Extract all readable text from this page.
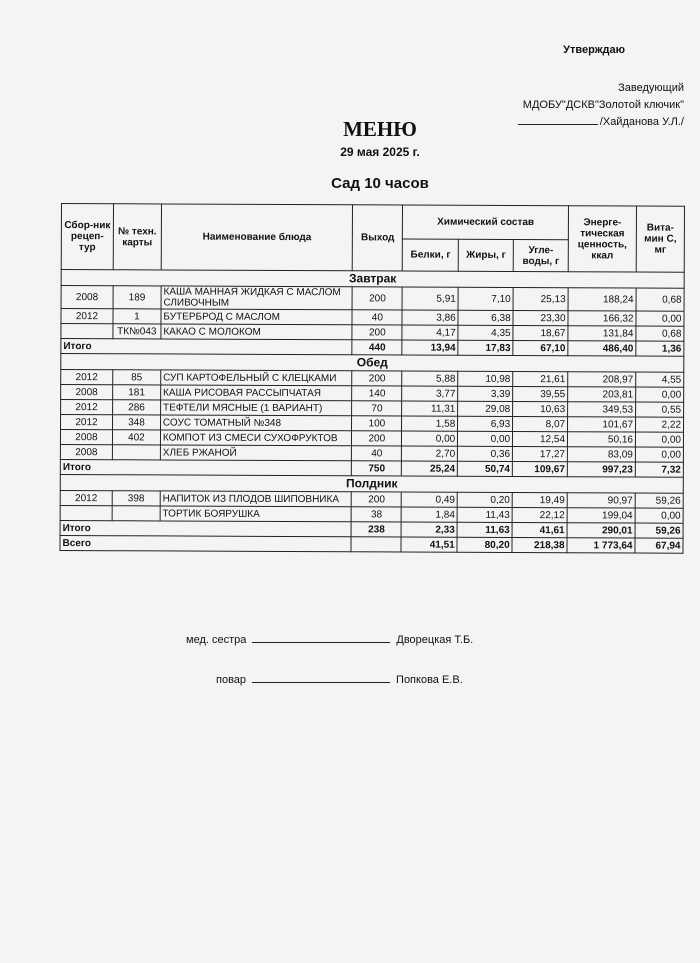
Утверждаю
Заведующий
МДОБУ"ДСКВ"Золотой ключик"
/Хайданова У.Л./
МЕНЮ
29 мая 2025 г.
Сад 10 часов
Сбор-ник рецеп-тур	№ техн. карты	Наименование блюда	Выход	Химический состав			Энерге-тическая ценность, ккал	Вита-мин С, мг
				Белки, г	Жиры, г	Угле-воды, г		
Завтрак								
2008	189	КАША МАННАЯ ЖИДКАЯ С МАСЛОМ СЛИВОЧНЫМ	200	5,91	7,10	25,13	188,24	0,68
2012	1	БУТЕРБРОД С МАСЛОМ	40	3,86	6,38	23,30	166,32	0,00
	ТК№043	КАКАО С МОЛОКОМ	200	4,17	4,35	18,67	131,84	0,68
Итого			440	13,94	17,83	67,10	486,40	1,36
Обед								
2012	85	СУП КАРТОФЕЛЬНЫЙ С КЛЕЦКАМИ	200	5,88	10,98	21,61	208,97	4,55
2008	181	КАША РИСОВАЯ РАССЫПЧАТАЯ	140	3,77	3,39	39,55	203,81	0,00
2012	286	ТЕФТЕЛИ МЯСНЫЕ (1 ВАРИАНТ)	70	11,31	29,08	10,63	349,53	0,55
2012	348	СОУС ТОМАТНЫЙ №348	100	1,58	6,93	8,07	101,67	2,22
2008	402	КОМПОТ ИЗ СМЕСИ СУХОФРУКТОВ	200	0,00	0,00	12,54	50,16	0,00
2008		ХЛЕБ РЖАНОЙ	40	2,70	0,36	17,27	83,09	0,00
Итого			750	25,24	50,74	109,67	997,23	7,32
Полдник								
2012	398	НАПИТОК ИЗ ПЛОДОВ ШИПОВНИКА	200	0,49	0,20	19,49	90,97	59,26
		ТОРТИК БОЯРУШКА	38	1,84	11,43	22,12	199,04	0,00
Итого			238	2,33	11,63	41,61	290,01	59,26
Всего				41,51	80,20	218,38	1 773,64	67,94
мед. сестра	Дворецкая Т.Б.
повар	Попкова Е.В.
